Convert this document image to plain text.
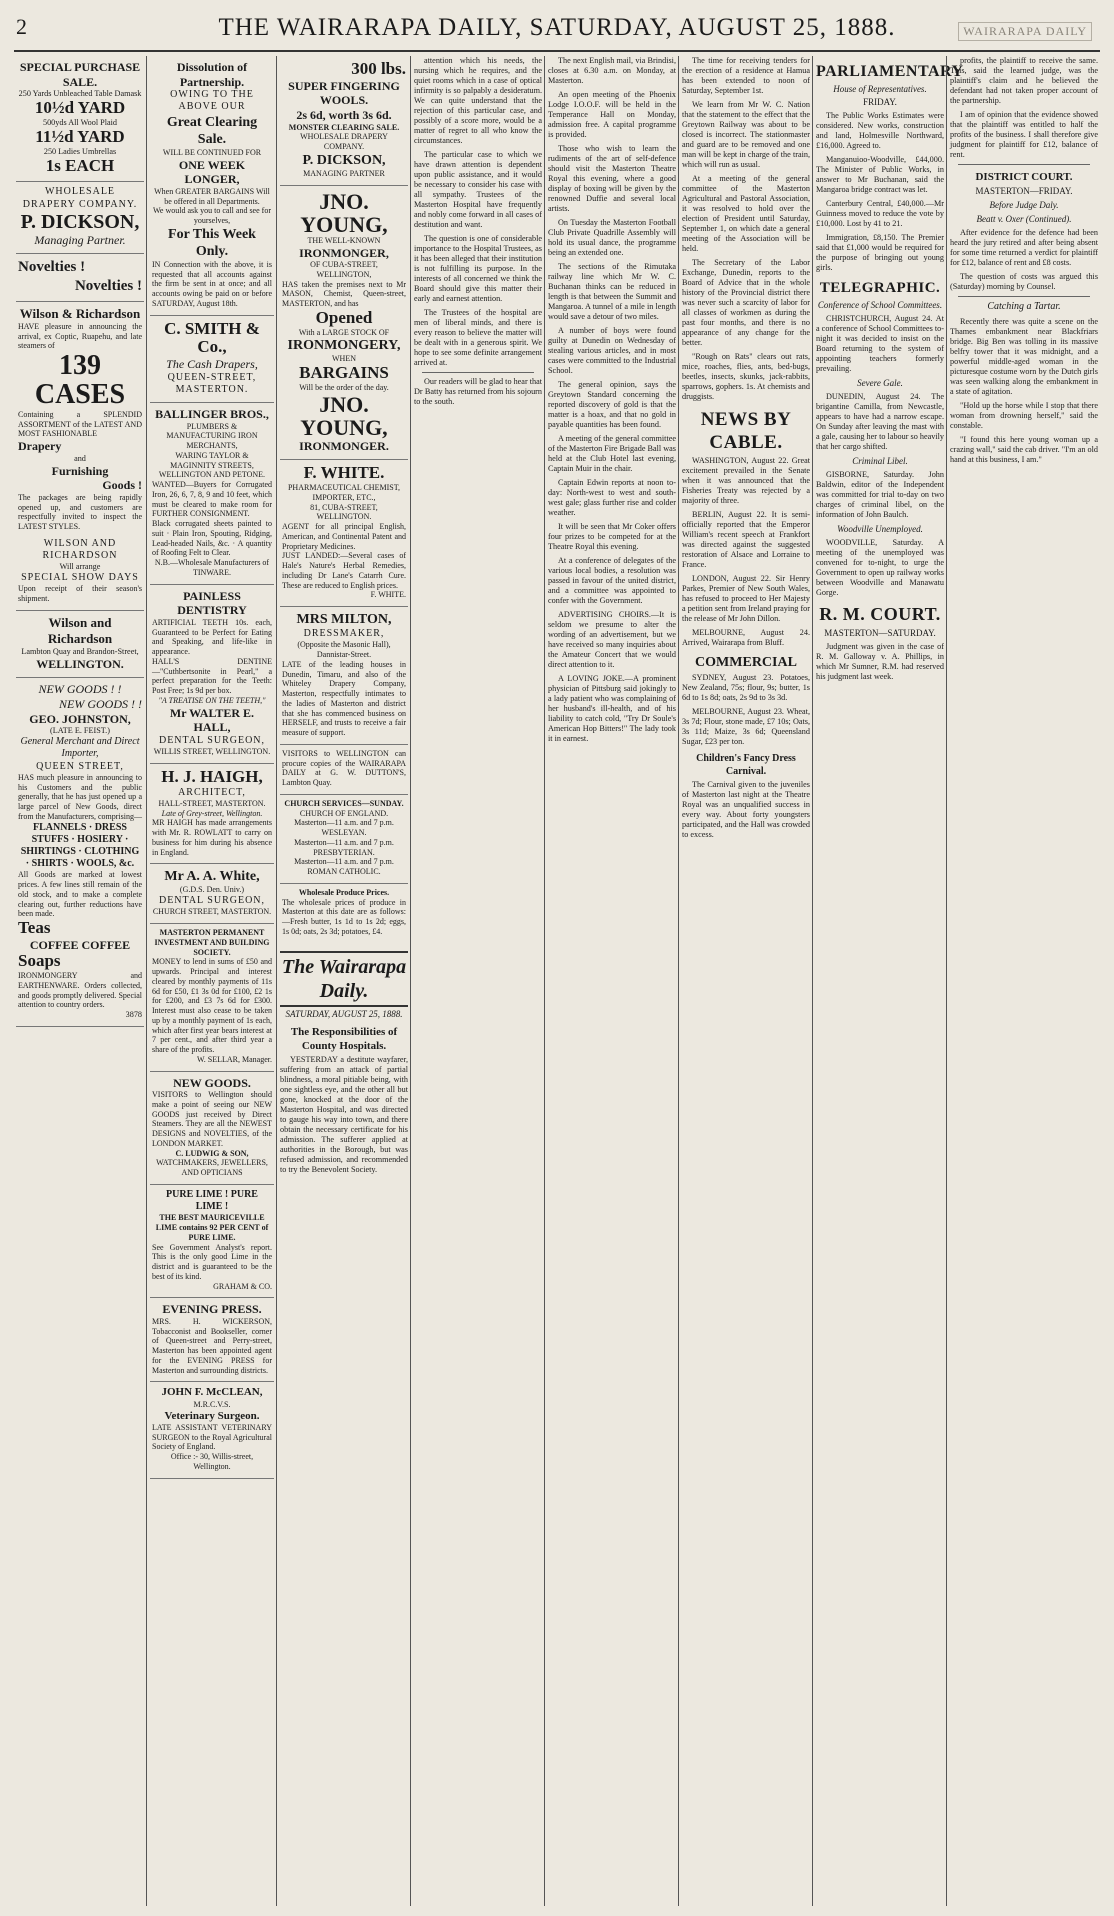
2	THE WAIRARAPA DAILY, SATURDAY, AUGUST 25, 1888.	WAIRARAPA DAILY
SPECIAL PURCHASE SALE.
250 Yards Unbleached Table Damask
10½d YARD
500yds All Wool Plaid
11½d YARD
250 Ladies Umbrellas
1s EACH
WHOLESALE DRAPERY COMPANY.
P. DICKSON,
Managing Partner.
Novelties !
Novelties !
Wilson & Richardson
HAVE pleasure in announcing the arrival, ex Coptic, Ruapehu, and late steamers of
139 CASES
Containing a SPLENDID ASSORTMENT of the LATEST AND MOST FASHIONABLE
Drapery
and
Furnishing
Goods !
The packages are being rapidly opened up, and customers are respectfully invited to inspect the LATEST STYLES.
WILSON AND RICHARDSON
Will arrange
SPECIAL SHOW DAYS
Upon receipt of their season's shipment.
Wilson and Richardson
Lambton Quay and Brandon-Street,
WELLINGTON.
NEW GOODS ! !
NEW GOODS ! !
GEO. JOHNSTON,
(LATE E. FEIST.)
General Merchant and Direct Importer,
QUEEN STREET,
HAS much pleasure in announcing to his Customers and the public generally, that he has just opened up a large parcel of New Goods, direct from the Manufacturers, comprising—
FLANNELS · DRESS STUFFS · HOSIERY · SHIRTINGS · CLOTHING · SHIRTS · WOOLS, &c.
All Goods are marked at lowest prices. A few lines still remain of the old stock, and to make a complete clearing out, further reductions have been made.
Teas
COFFEE COFFEE
Soaps
IRONMONGERY and EARTHENWARE. Orders collected, and goods promptly delivered. Special attention to country orders.
3878
Dissolution of Partnership.
OWING TO THE ABOVE OUR
Great Clearing Sale.
WILL BE CONTINUED FOR
ONE WEEK LONGER,
When GREATER BARGAINS Will be offered in all Departments.
We would ask you to call and see for yourselves,
For This Week Only.
IN Connection with the above, it is requested that all accounts against the firm be sent in at once; and all accounts owing be paid on or before SATURDAY, August 18th.
C. SMITH & Co.,
The Cash Drapers,
QUEEN-STREET, MASTERTON.
BALLINGER BROS.,
PLUMBERS & MANUFACTURING IRON MERCHANTS,
WARING TAYLOR & MAGINNITY STREETS, WELLINGTON AND PETONE.
WANTED—Buyers for Corrugated Iron, 26, 6, 7, 8, 9 and 10 feet, which must be cleared to make room for FURTHER CONSIGNMENT.
Black corrugated sheets painted to suit · Plain Iron, Spouting, Ridging, Lead-headed Nails, &c. · A quantity of Roofing Felt to Clear.
N.B.—Wholesale Manufacturers of TINWARE.
PAINLESS DENTISTRY
ARTIFICIAL TEETH 10s. each, Guaranteed to be Perfect for Eating and Speaking, and life-like in appearance.
HALL'S DENTINE—"Cuthbertsonite in Pearl," a perfect preparation for the Teeth: Post Free; 1s 9d per box.
"A TREATISE ON THE TEETH,"
Mr WALTER E. HALL,
DENTAL SURGEON,
WILLIS STREET, WELLINGTON.
H. J. HAIGH,
ARCHITECT,
HALL-STREET, MASTERTON.
Late of Grey-street, Wellington.
MR HAIGH has made arrangements with Mr. R. ROWLATT to carry on business for him during his absence in England.
Mr A. A. White,
(G.D.S. Den. Univ.)
DENTAL SURGEON,
CHURCH STREET, MASTERTON.
MASTERTON PERMANENT INVESTMENT AND BUILDING SOCIETY.
MONEY to lend in sums of £50 and upwards. Principal and interest cleared by monthly payments of 11s 6d for £50, £1 3s 0d for £100, £2 1s for £200, and £3 7s 6d for £300. Interest must also cease to be taken up by a monthly payment of 1s each, which after first year bears interest at 7 per cent., and after third year a share of the profits.
W. SELLAR, Manager.
NEW GOODS.
VISITORS to Wellington should make a point of seeing our NEW GOODS just received by Direct Steamers. They are all the NEWEST DESIGNS and NOVELTIES, of the LONDON MARKET.
C. LUDWIG & SON,
WATCHMAKERS, JEWELLERS, AND OPTICIANS
PURE LIME ! PURE LIME !
THE BEST MAURICEVILLE LIME contains 92 PER CENT of PURE LIME.
See Government Analyst's report. This is the only good Lime in the district and is guaranteed to be the best of its kind.
GRAHAM & CO.
EVENING PRESS.
MRS. H. WICKERSON, Tobacconist and Bookseller, corner of Queen-street and Perry-street, Masterton has been appointed agent for the EVENING PRESS for Masterton and surrounding districts.
JOHN F. McCLEAN,
M.R.C.V.S.
Veterinary Surgeon.
LATE ASSISTANT VETERINARY SURGEON to the Royal Agricultural Society of England.
Office :- 30, Willis-street, Wellington.
300 lbs.
SUPER FINGERING WOOLS.
2s 6d, worth 3s 6d.
MONSTER CLEARING SALE.
WHOLESALE DRAPERY COMPANY.
P. DICKSON,
MANAGING PARTNER
JNO. YOUNG,
THE WELL-KNOWN
IRONMONGER,
OF CUBA-STREET, WELLINGTON,
HAS taken the premises next to Mr MASON, Chemist, Queen-street, MASTERTON, and has
Opened
With a LARGE STOCK OF
IRONMONGERY,
WHEN
BARGAINS
Will be the order of the day.
JNO. YOUNG,
IRONMONGER.
F. WHITE.
PHARMACEUTICAL CHEMIST, IMPORTER, ETC.,
81, CUBA-STREET, WELLINGTON.
AGENT for all principal English, American, and Continental Patent and Proprietary Medicines.
JUST LANDED:—Several cases of Hale's Nature's Herbal Remedies, including Dr Lane's Catarrh Cure. These are reduced to English prices.
F. WHITE.
MRS MILTON,
DRESSMAKER,
(Opposite the Masonic Hall), Dannistar-Street.
LATE of the leading houses in Dunedin, Timaru, and also of the Whiteley Drapery Company, Masterton, respectfully intimates to the ladies of Masterton and district that she has commenced business on HERSELF, and trusts to receive a fair measure of support.
VISITORS to WELLINGTON can procure copies of the WAIRARAPA DAILY at G. W. DUTTON'S, Lambton Quay.
CHURCH SERVICES—SUNDAY.
CHURCH OF ENGLAND.
Masterton—11 a.m. and 7 p.m.
WESLEYAN.
Masterton—11 a.m. and 7 p.m.
PRESBYTERIAN.
Masterton—11 a.m. and 7 p.m.
ROMAN CATHOLIC.
Wholesale Produce Prices.
The wholesale prices of produce in Masterton at this date are as follows:—Fresh butter, 1s 1d to 1s 2d; eggs, 1s 0d; oats, 2s 3d; potatoes, £4.
The Wairarapa Daily.
SATURDAY, AUGUST 25, 1888.
The Responsibilities of County Hospitals.

YESTERDAY a destitute wayfarer, suffering from an attack of partial blindness, a moral pitiable being, with one sightless eye, and the other all but gone, knocked at the door of the Masterton Hospital, and was directed to gauge his way into town, and there obtain the necessary certificate for his admission. The sufferer applied at authorities in the Borough, but was refused admission, and recommended to try the Benevolent Society.

attention which his needs, the nursing which he requires, and the quiet rooms which in a case of optical infirmity is so palpably a desideratum. We can quite understand that the rejection of this particular case, and possibly of a score more, would be a matter of regret to all who know the circumstances.

The particular case to which we have drawn attention is dependent upon public assistance, and it would be necessary to consider his case with all sympathy. Trustees of the Masterton Hospital have frequently and nobly come forward in all cases of destitution and want.

The question is one of considerable importance to the Hospital Trustees, as it has been alleged that their institution is not fulfilling its purpose. In the interests of all concerned we think the Board should give this matter their early and earnest attention.

The Trustees of the hospital are men of liberal minds, and there is every reason to believe the matter will be dealt with in a generous spirit. We hope to see some definite arrangement arrived at.

Our readers will be glad to hear that Dr Batty has returned from his sojourn to the south.

The next English mail, via Brindisi, closes at 6.30 a.m. on Monday, at Masterton.

An open meeting of the Phoenix Lodge I.O.O.F. will be held in the Temperance Hall on Monday, admission free. A capital programme is provided.

Those who wish to learn the rudiments of the art of self-defence should visit the Masterton Theatre Royal this evening, where a good display of boxing will be given by the renowned Duffie and several local artists.

On Tuesday the Masterton Football Club Private Quadrille Assembly will hold its usual dance, the programme being an extended one.

The sections of the Rimutaka railway line which Mr W. C. Buchanan thinks can be reduced in length is that between the Summit and Mangaroa. A tunnel of a mile in length would save a detour of two miles.

A number of boys were found guilty at Dunedin on Wednesday of stealing various articles, and in most cases were committed to the Industrial School.

The general opinion, says the Greytown Standard concerning the reported discovery of gold is that the matter is a hoax, and that no gold in payable quantities has been found.

A meeting of the general committee of the Masterton Fire Brigade Ball was held at the Club Hotel last evening, Captain Muir in the chair.

Captain Edwin reports at noon to-day: North-west to west and south-west gale; glass further rise and colder weather.

It will be seen that Mr Coker offers four prizes to be competed for at the Theatre Royal this evening.

At a conference of delegates of the various local bodies, a resolution was passed in favour of the united district, and a committee was appointed to confer with the Government.

ADVERTISING CHOIRS.—It is seldom we presume to alter the wording of an advertisement, but we have received so many inquiries about the Amateur Concert that we would direct attention to it.

A LOVING JOKE.—A prominent physician of Pittsburg said jokingly to a lady patient who was complaining of her husband's ill-health, and of his liability to catch cold, "Try Dr Soule's American Hop Bitters!" The lady took it in earnest.

The time for receiving tenders for the erection of a residence at Hamua has been extended to noon of Saturday, September 1st.

We learn from Mr W. C. Nation that the statement to the effect that the Greytown Railway was about to be closed is incorrect. The stationmaster and guard are to be removed and one man will be kept in charge of the train, which will run as usual.

At a meeting of the general committee of the Masterton Agricultural and Pastoral Association, it was resolved to hold over the election of President until Saturday, September 1, on which date a general meeting of the Association will be held.

The Secretary of the Labor Exchange, Dunedin, reports to the Board of Advice that in the whole history of the Provincial district there was never such a scarcity of labor for all classes of workmen as during the past four months, and there is no appearance of any change for the better.

"Rough on Rats" clears out rats, mice, roaches, flies, ants, bed-bugs, beetles, insects, skunks, jack-rabbits, sparrows, gophers. 1s. At chemists and druggists.

NEWS BY CABLE.

WASHINGTON, August 22. Great excitement prevailed in the Senate when it was announced that the Fisheries Treaty was rejected by a majority of three.

BERLIN, August 22. It is semi-officially reported that the Emperor William's recent speech at Frankfort was directed against the suggested restoration of Alsace and Lorraine to France.

LONDON, August 22. Sir Henry Parkes, Premier of New South Wales, has refused to proceed to Her Majesty a petition sent from Ireland praying for the release of Mr John Dillon.

MELBOURNE, August 24. Arrived, Wairarapa from Bluff.

COMMERCIAL

SYDNEY, August 23. Potatoes, New Zealand, 75s; flour, 9s; butter, 1s 6d to 1s 8d; oats, 2s 9d to 3s 3d.

MELBOURNE, August 23. Wheat, 3s 7d; Flour, stone made, £7 10s; Oats, 3s 11d; Maize, 3s 6d; Queensland Sugar, £23 per ton.

Children's Fancy Dress Carnival.

The Carnival given to the juveniles of Masterton last night at the Theatre Royal was an unqualified success in every way. About forty youngsters participated, and the Hall was crowded to excess.

PARLIAMENTARY
House of Representatives.
FRIDAY.

The Public Works Estimates were considered. New works, construction and land, Holmesville Northward, £16,000. Agreed to.

Manganuioo-Woodville, £44,000. The Minister of Public Works, in answer to Mr Buchanan, said the Mangaroa bridge contract was let.

Canterbury Central, £40,000.—Mr Guinness moved to reduce the vote by £10,000. Lost by 41 to 21.

Immigration, £8,150. The Premier said that £1,000 would be required for the purpose of bringing out young girls.

TELEGRAPHIC.
Conference of School Committees.

CHRISTCHURCH, August 24. At a conference of School Committees to-night it was decided to insist on the Board returning to the system of appointing teachers formerly prevailing.

Severe Gale.

DUNEDIN, August 24. The brigantine Camilla, from Newcastle, appears to have had a narrow escape. On Sunday after leaving the mast with a gale, causing her to labour so heavily that her cargo shifted.

Criminal Libel.

GISBORNE, Saturday. John Baldwin, editor of the Independent was committed for trial to-day on two charges of criminal libel, on the information of John Baulch.

Woodville Unemployed.

WOODVILLE, Saturday. A meeting of the unemployed was convened for to-night, to urge the Government to open up railway works between Woodville and Manawatu Gorge.

R. M. COURT.
MASTERTON—SATURDAY.

Judgment was given in the case of R. M. Galloway v. A. Phillips, in which Mr Sumner, R.M. had reserved his judgment last week.

profits, the plaintiff to receive the same. This, said the learned judge, was the plaintiff's claim and he believed the defendant had not taken proper account of the partnership.

I am of opinion that the evidence showed that the plaintiff was entitled to half the profits of the business. I shall therefore give judgment for plaintiff for £12, balance of rent.

DISTRICT COURT.
MASTERTON—FRIDAY.
Before Judge Daly.
Beatt v. Oxer (Continued).

After evidence for the defence had been heard the jury retired and after being absent for some time returned a verdict for plaintiff for £12, balance of rent and £8 costs.

The question of costs was argued this (Saturday) morning by Counsel.

Catching a Tartar.

Recently there was quite a scene on the Thames embankment near Blackfriars bridge. Big Ben was tolling in its massive belfry tower that it was midnight, and a powerful middle-aged woman in the picturesque costume worn by the Dutch girls was seen walking along the embankment in a state of agitation.

"Hold up the horse while I stop that there woman from drowning herself," said the constable.

"I found this here young woman up a crazing wall," said the cab driver. "I'm an old hand at this business, I am."
